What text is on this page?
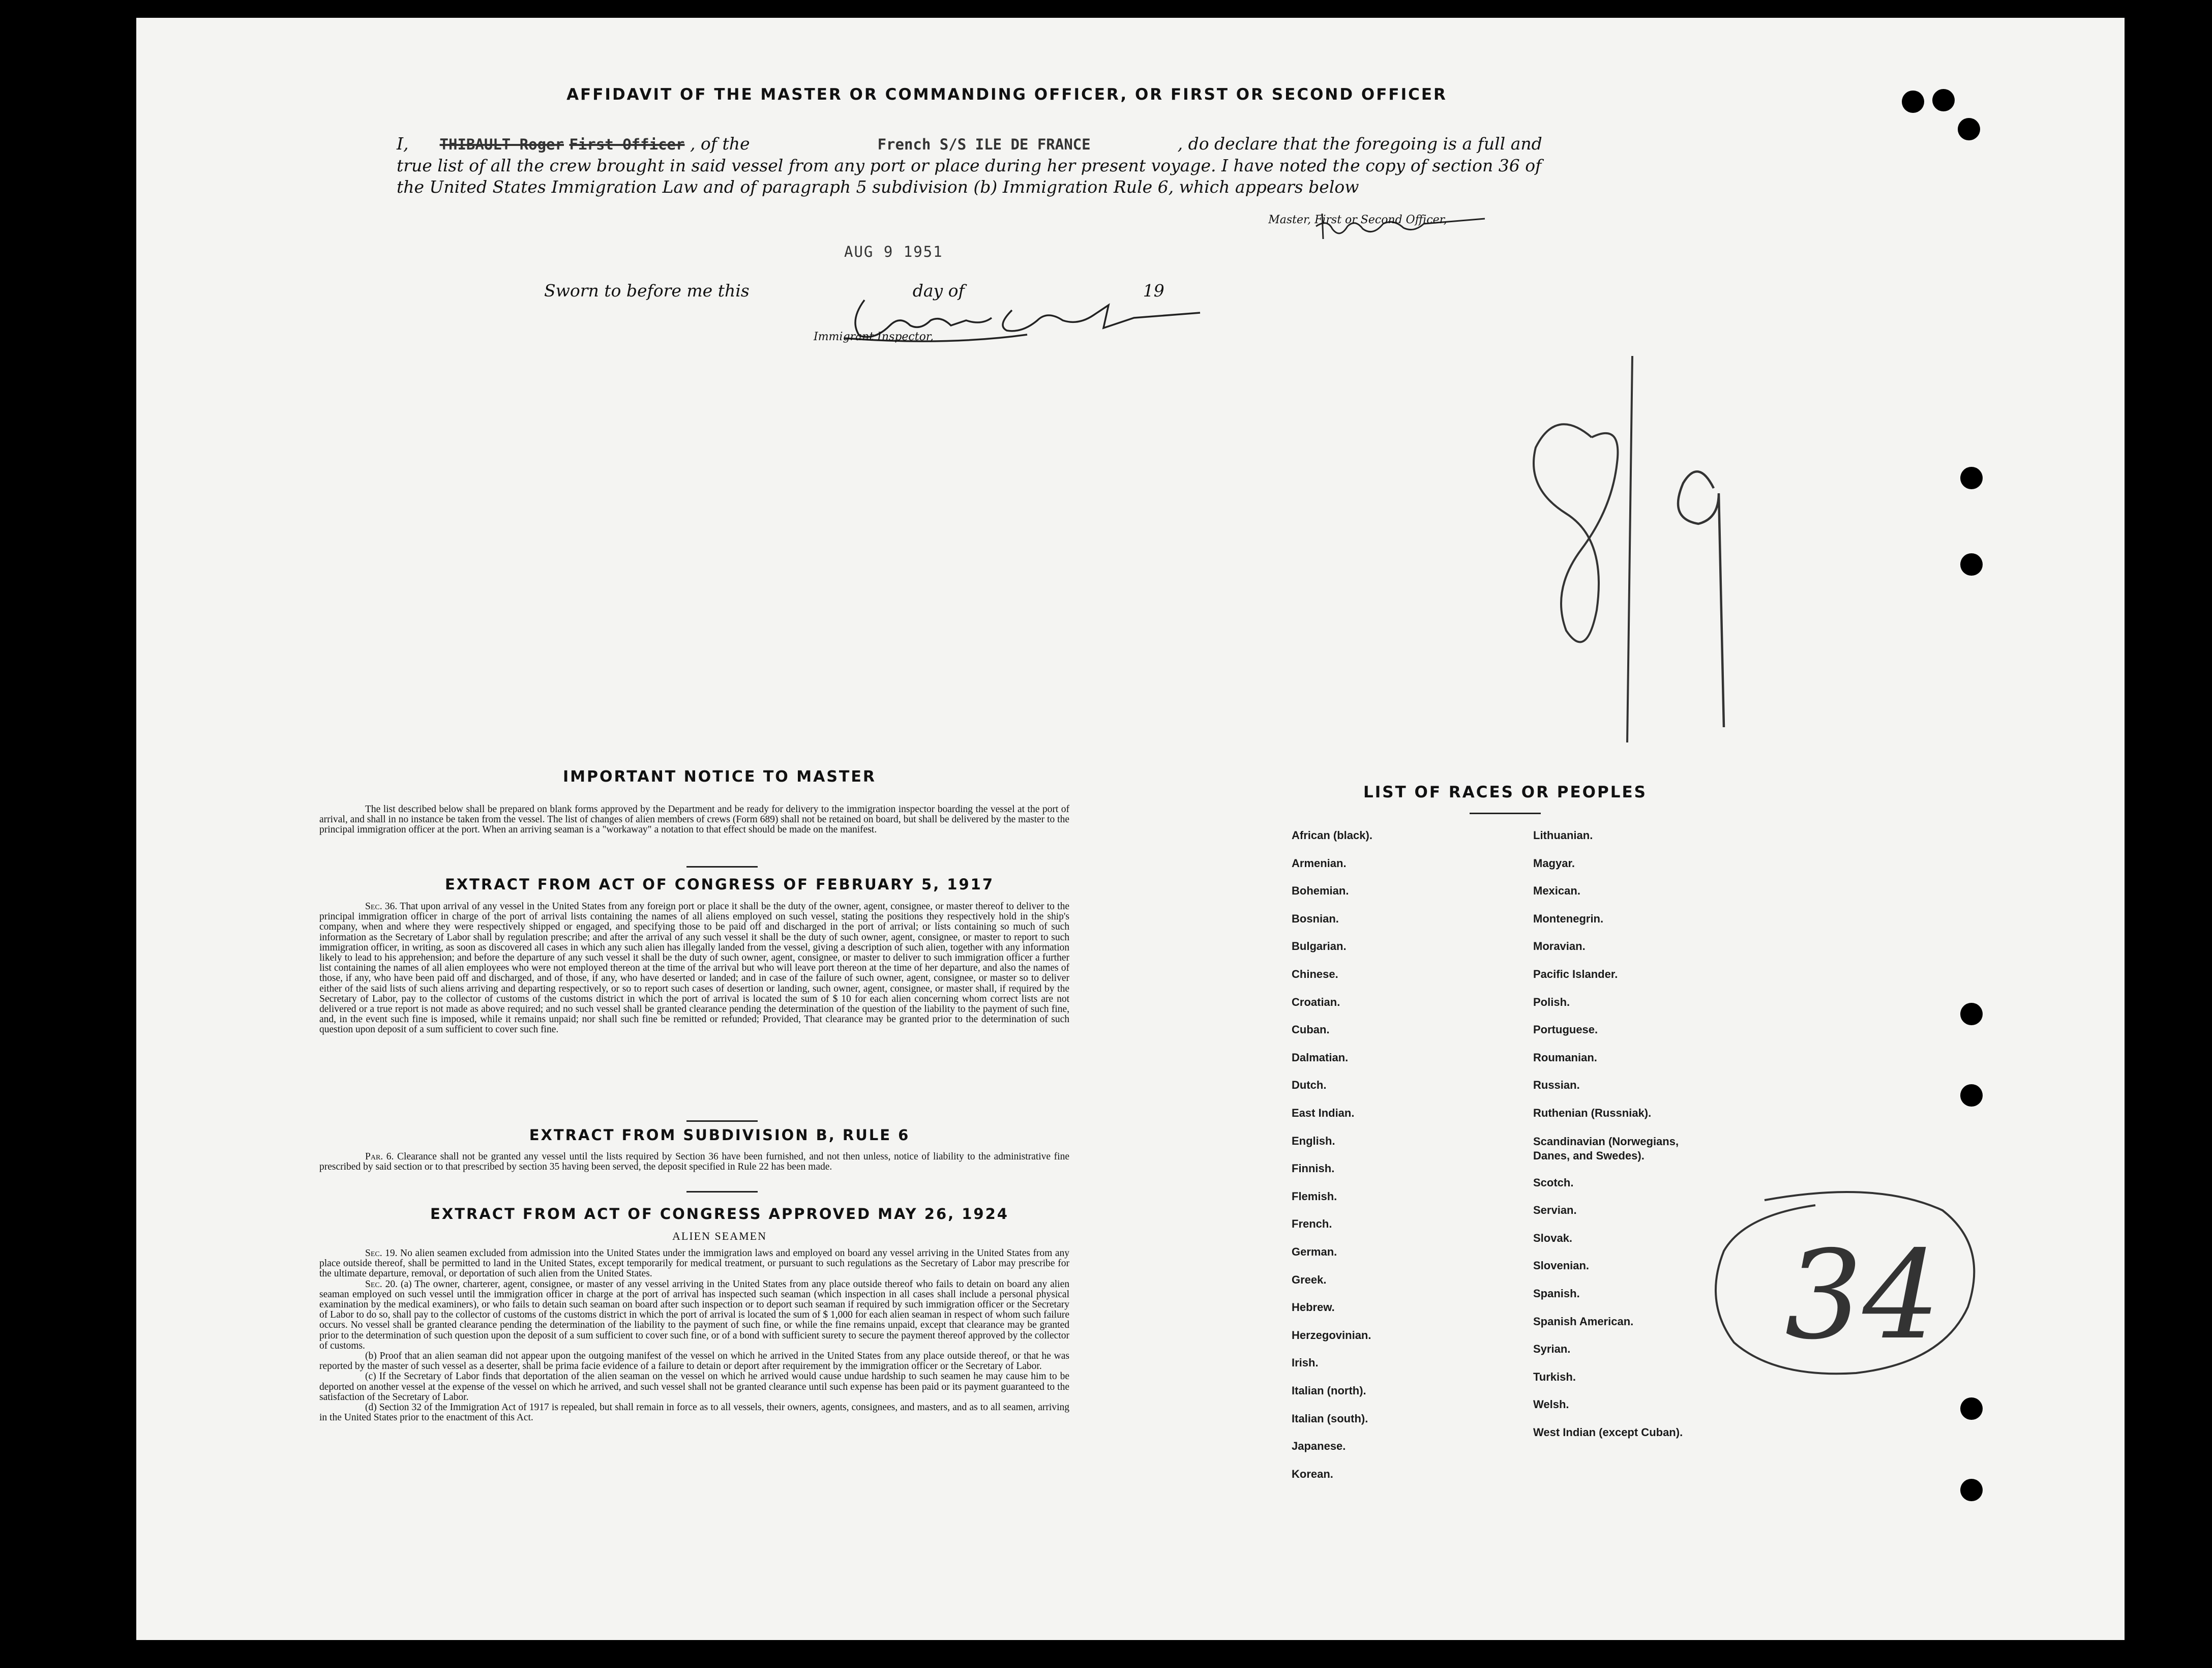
AFFIDAVIT OF THE MASTER OR COMMANDING OFFICER, OR FIRST OR SECOND OFFICER
I, THIBAULT Roger First Officer , of the	French S/S ILE DE FRANCE	, do declare that the foregoing is a full and true list of all the crew brought in said vessel from any port or place during her present voyage. I have noted the copy of section 36 of the United States Immigration Law and of paragraph 5 subdivision (b) Immigration Rule 6, which appears below
Master, First or Second Officer,
AUG 9 1951
Sworn to before me this	day of	19
Immigrant Inspector,
34
IMPORTANT NOTICE TO MASTER
The list described below shall be prepared on blank forms approved by the Department and be ready for delivery to the immigration inspector boarding the vessel at the port of arrival, and shall in no instance be taken from the vessel. The list of changes of alien members of crews (Form 689) shall not be retained on board, but shall be delivered by the master to the principal immigration officer at the port. When an arriving seaman is a "workaway" a notation to that effect should be made on the manifest.
EXTRACT FROM ACT OF CONGRESS OF FEBRUARY 5, 1917
Sec. 36. That upon arrival of any vessel in the United States from any foreign port or place it shall be the duty of the owner, agent, consignee, or master thereof to deliver to the principal immigration officer in charge of the port of arrival lists containing the names of all aliens employed on such vessel, stating the positions they respectively hold in the ship's company, when and where they were respectively shipped or engaged, and specifying those to be paid off and discharged in the port of arrival; or lists containing so much of such information as the Secretary of Labor shall by regulation prescribe; and after the arrival of any such vessel it shall be the duty of such owner, agent, consignee, or master to report to such immigration officer, in writing, as soon as discovered all cases in which any such alien has illegally landed from the vessel, giving a description of such alien, together with any information likely to lead to his apprehension; and before the departure of any such vessel it shall be the duty of such owner, agent, consignee, or master to deliver to such immigration officer a further list containing the names of all alien employees who were not employed thereon at the time of the arrival but who will leave port thereon at the time of her departure, and also the names of those, if any, who have been paid off and discharged, and of those, if any, who have deserted or landed; and in case of the failure of such owner, agent, consignee, or master so to deliver either of the said lists of such aliens arriving and departing respectively, or so to report such cases of desertion or landing, such owner, agent, consignee, or master shall, if required by the Secretary of Labor, pay to the collector of customs of the customs district in which the port of arrival is located the sum of $ 10 for each alien concerning whom correct lists are not delivered or a true report is not made as above required; and no such vessel shall be granted clearance pending the determination of the question of the liability to the payment of such fine, and, in the event such fine is imposed, while it remains unpaid; nor shall such fine be remitted or refunded; Provided, That clearance may be granted prior to the determination of such question upon deposit of a sum sufficient to cover such fine.
EXTRACT FROM SUBDIVISION B, RULE 6
Par. 6. Clearance shall not be granted any vessel until the lists required by Section 36 have been furnished, and not then unless, notice of liability to the administrative fine prescribed by said section or to that prescribed by section 35 having been served, the deposit specified in Rule 22 has been made.
EXTRACT FROM ACT OF CONGRESS APPROVED MAY 26, 1924
ALIEN SEAMEN
Sec. 19. No alien seamen excluded from admission into the United States under the immigration laws and employed on board any vessel arriving in the United States from any place outside thereof, shall be permitted to land in the United States, except temporarily for medical treatment, or pursuant to such regulations as the Secretary of Labor may prescribe for the ultimate departure, removal, or deportation of such alien from the United States.
Sec. 20. (a) The owner, charterer, agent, consignee, or master of any vessel arriving in the United States from any place outside thereof who fails to detain on board any alien seaman employed on such vessel until the immigration officer in charge at the port of arrival has inspected such seaman (which inspection in all cases shall include a personal physical examination by the medical examiners), or who fails to detain such seaman on board after such inspection or to deport such seaman if required by such immigration officer or the Secretary of Labor to do so, shall pay to the collector of customs of the customs district in which the port of arrival is located the sum of $ 1,000 for each alien seaman in respect of whom such failure occurs. No vessel shall be granted clearance pending the determination of the liability to the payment of such fine, or while the fine remains unpaid, except that clearance may be granted prior to the determination of such question upon the deposit of a sum sufficient to cover such fine, or of a bond with sufficient surety to secure the payment thereof approved by the collector of customs.
(b) Proof that an alien seaman did not appear upon the outgoing manifest of the vessel on which he arrived in the United States from any place outside thereof, or that he was reported by the master of such vessel as a deserter, shall be prima facie evidence of a failure to detain or deport after requirement by the immigration officer or the Secretary of Labor.
(c) If the Secretary of Labor finds that deportation of the alien seaman on the vessel on which he arrived would cause undue hardship to such seamen he may cause him to be deported on another vessel at the expense of the vessel on which he arrived, and such vessel shall not be granted clearance until such expense has been paid or its payment guaranteed to the satisfaction of the Secretary of Labor.
(d) Section 32 of the Immigration Act of 1917 is repealed, but shall remain in force as to all vessels, their owners, agents, consignees, and masters, and as to all seamen, arriving in the United States prior to the enactment of this Act.
LIST OF RACES OR PEOPLES
African (black).
Armenian.
Bohemian.
Bosnian.
Bulgarian.
Chinese.
Croatian.
Cuban.
Dalmatian.
Dutch.
East Indian.
English.
Finnish.
Flemish.
French.
German.
Greek.
Hebrew.
Herzegovinian.
Irish.
Italian (north).
Italian (south).
Japanese.
Korean.
Lithuanian.
Magyar.
Mexican.
Montenegrin.
Moravian.
Pacific Islander.
Polish.
Portuguese.
Roumanian.
Russian.
Ruthenian (Russniak).
Scandinavian (Norwegians, Danes, and Swedes).
Scotch.
Servian.
Slovak.
Slovenian.
Spanish.
Spanish American.
Syrian.
Turkish.
Welsh.
West Indian (except Cuban).
